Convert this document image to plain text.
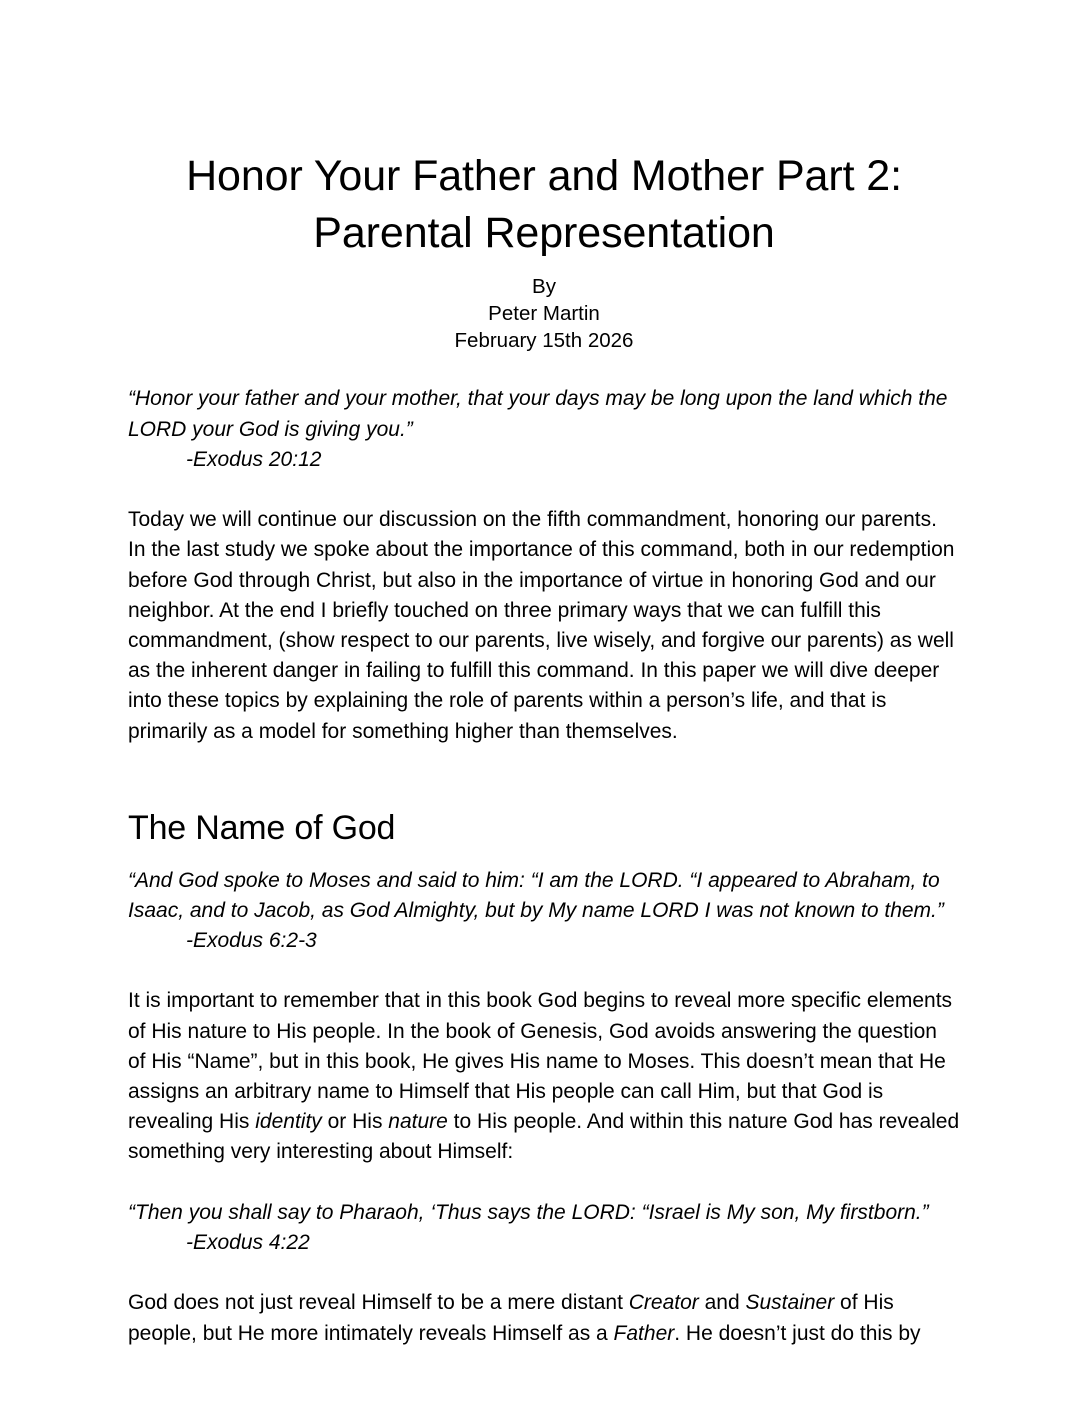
Honor Your Father and Mother Part 2:
Parental Representation
By
Peter Martin
February 15th 2026

“Honor your father and your mother, that your days may be long upon the land which the LORD your God is giving you.”

-Exodus 20:12

Today we will continue our discussion on the fifth commandment, honoring our parents. In the last study we spoke about the importance of this command, both in our redemption before God through Christ, but also in the importance of virtue in honoring God and our neighbor. At the end I briefly touched on three primary ways that we can fulfill this commandment, (show respect to our parents, live wisely, and forgive our parents) as well as the inherent danger in failing to fulfill this command. In this paper we will dive deeper into these topics by explaining the role of parents within a person’s life, and that is primarily as a model for something higher than themselves.

The Name of God

“And God spoke to Moses and said to him: “I am the LORD. “I appeared to Abraham, to Isaac, and to Jacob, as God Almighty, but by My name LORD I was not known to them.”

-Exodus 6:2-3

It is important to remember that in this book God begins to reveal more specific elements of His nature to His people. In the book of Genesis, God avoids answering the question of His “Name”, but in this book, He gives His name to Moses. This doesn’t mean that He assigns an arbitrary name to Himself that His people can call Him, but that God is revealing His identity or His nature to His people. And within this nature God has revealed something very interesting about Himself:

“Then you shall say to Pharaoh, ‘Thus says the LORD: “Israel is My son, My firstborn.”

-Exodus 4:22

God does not just reveal Himself to be a mere distant Creator and Sustainer of His people, but He more intimately reveals Himself as a Father. He doesn’t just do this by
